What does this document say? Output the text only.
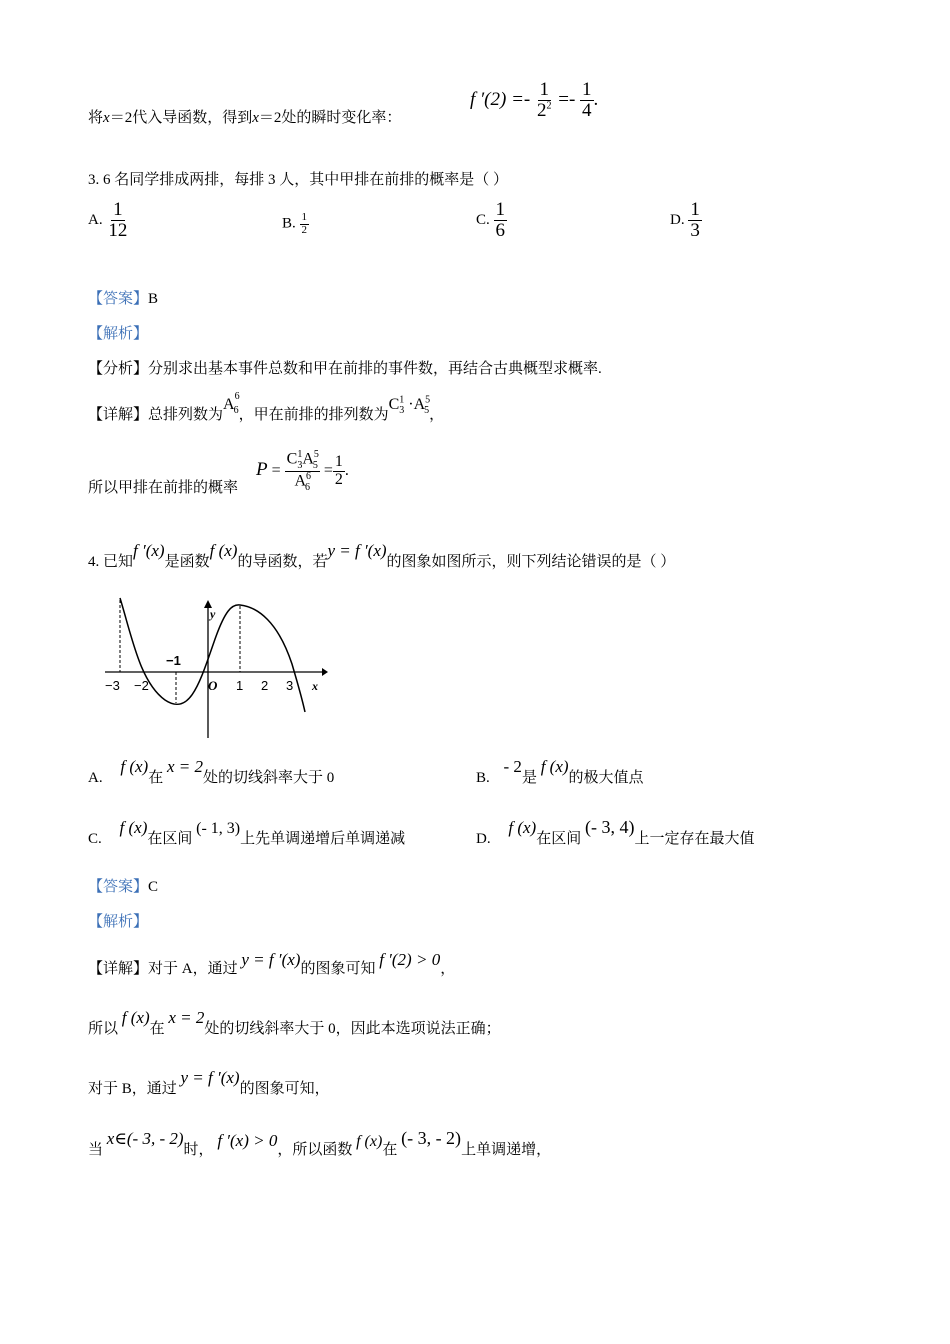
将x＝2代入导函数，得到x＝2处的瞬时变化率：
f $'(2) =- \frac{1}{2^2} =- \frac{1}{4}$ .
3. 6 名同学排成两排，每排 3 人，其中甲排在前排的概率是（ ）
A. $\frac{1}{12}$	B. $\frac{1}{2}$	C. $\frac{1}{6}$	D. $\frac{1}{3}$
【答案】B
【解析】
【分析】分别求出基本事件总数和甲在前排的事件数，再结合古典概型求概率.
【详解】总排列数为$A^6_6$，甲在前排的排列数为$C^1_3 \cdot A^5_5$，
所以甲排在前排的概率
$P = \frac{C^1_3A^5_5}{A^6_6} = \frac{1}{2}$ .
4. 已知f ′(x)是函数f (x)的导函数，若y = f ′(x)的图象如图所示，则下列结论错误的是（ ）
y
x
O
−1
−3 −2	1 2 3
A. f (x)在 x = 2处的切线斜率大于 0	B. - 2是 f (x)的极大值点
C. f (x)在区间 (- 1, 3)上先单调递增后单调递减	D. f (x)在区间 (- 3, 4)上一定存在最大值
【答案】C
【解析】
【详解】对于 A，通过 y = f ′(x)的图象可知 f ′(2) > 0，
所以 f (x)在 x = 2处的切线斜率大于 0，因此本选项说法正确；
对于 B，通过 y = f ′(x)的图象可知，
当 x∈(- 3, - 2)时， f ′(x) > 0，所以函数 f (x)在 (- 3, - 2)上单调递增，
